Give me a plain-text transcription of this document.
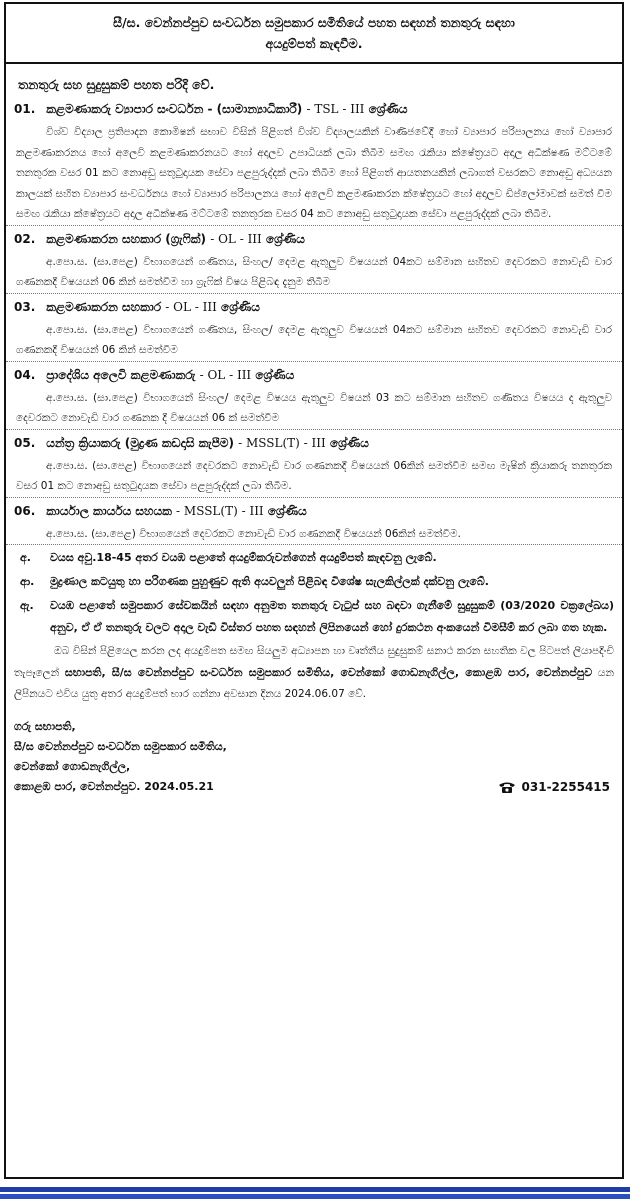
සී/ස. වෙන්නප්පුව සංවර්ධන සමුපකාර සමිතියේ පහත සඳහන් තනතුරු සඳහා
අයදුම්පත් කැඳවීම.
තනතුරු සහ සුදුසුකම් පහත පරිදි වේ.
01. කළමණාකරු ව්‍යාපාර සංවර්ධන - (සාමාන්‍යාධිකාරී) - TSL - III ශ්‍රේණිය
විශ්ව විද්‍යාල ප්‍රතිපාදන කොමිෂන් සභාව විසින් පිළිගත් විශ්ව විද්‍යාලයකින් වාණිජවේදී හෝ ව්‍යාපාර පරිපාලනය හෝ ව්‍යාපාර කළමණාකරනය හෝ අලෙවි කළමණාකරනයට හෝ අදාලව උපාධියක් ලබා තිබීම සමඟ රැකියා ක්ෂේත්‍රයට අදාල අධීක්ෂණ මට්ටමේ තනතුරක වසර 01 කට නොඅඩු සතුටුදායක සේවා පළපුරුද්දක් ලබා තිබීම හෝ පිළිගත් ආයතනයකින් ලබාගත් වසරකට නොඅඩු අධ්‍යයන කාලයක් සහිත ව්‍යාපාර සංවර්ධනය හෝ ව්‍යාපාර පරිපාලනය හෝ අලෙවි කළමණාකරන ක්ෂේත්‍රයට හෝ අදාලව ඩිප්ලෝමාවක් සමත් වීම සමඟ රැකියා ක්ෂේත්‍රයට අදාල අධීක්ෂණ මට්ටමේ තනතුරක වසර 04 කට නොඅඩු සතුටුදායක සේවා පළපුරුද්දක් ලබා තිබීම.
02. කළමණාකරන සහකාර (ග්‍රැෆික්) - OL - III ශ්‍රේණිය
අ.පො.ස. (සා.පෙළ) විභාගයෙන් ගණිතය, සිංහල/ දෙමළ ඇතුලුව විෂයයන් 04කට සම්මාන සහිතව දෙවරකට නොවැඩි වාර ගණනකදී විෂයයන් 06 කින් සමත්වීම හා ග්‍රැෆික් විෂය පිළිබඳ දැනුම තිබීම
03. කළමණාකරන සහකාර - OL - III ශ්‍රේණිය
අ.පො.ස. (සා.පෙළ) විභාගයෙන් ගණිතය, සිංහල/ දෙමළ ඇතුලුව විෂයයන් 04කට සම්මාන සහිතව දෙවරකට නොවැඩි වාර ගණනකදී විෂයයන් 06 කින් සමත්වීම
04. ප්‍රාදේශිය අලෙවි කළමණාකරු - OL - III ශ්‍රේණිය
අ.පො.ස. (සා.පෙළ) විභාගයෙන් සිංහල/ දෙමළ විෂයය ඇතුලුව විෂයන් 03 කට සම්මාන සහිතව ගණිතය විෂයය ද ඇතුලුව දෙවරකට නොවැඩි වාර ගණනක දී විෂයයන් 06 ක් සමත්වීම
05. යන්ත්‍ර ක්‍රියාකරු (මුද්‍රණ කඩදාසි කැපීම) - MSSL(T) - III ශ්‍රේණිය
අ.පො.ස. (සා.පෙළ) විභාගයෙන් දෙවරකට නොවැඩි වාර ගණනකදී විෂයයන් 06කින් සමත්වීම සමඟ මැෂින් ක්‍රියාකරු තනතුරක වසර 01 කට නොඅඩු සතුටුදායක සේවා පළපුරුද්දක් ලබා තිබීම.
06. කාර්යාල කාර්යය සහයක - MSSL(T) - III ශ්‍රේණිය
අ.පො.ස. (සා.පෙළ) විභාගයෙන් දෙවරකට නොවැඩි වාර ගණනකදී විෂයයන් 06කින් සමත්වීම.
අ.	වයස අවු.18-45 අතර වයඹ පළාතේ අයදුම්කරුවන්ගෙන් අයදුම්පත් කැඳවනු ලැබේ.
ආ.	මුද්‍රණාල කටයුතු හා පරිගණක පුහුණුව ඇති අයවලුන් පිළිබඳ විශේෂ සැලකිල්ලක් දක්වනු ලැබේ.
ඇ.	වයඹ පළාතේ සමුපකාර සේවකයින් සඳහා අනුමත තනතුරු වැටුප් සහ බඳවා ගැනීමේ සුදුසුකම් (03/2020 චක්‍රලේඛය) අනුව, ඒ ඒ තනතුරු වලට අදාල වැඩි විස්තර පහත සඳහන් ලිපිනයෙන් හෝ දුරකථන අංකයෙන් විමසීම් කර ලබා ගත හැක.
ඔබ විසින් පිළියෙල කරන ලද අයදුම්පත සමඟ සියලුම අධ්‍යාපන හා වෘත්තීය සුදුසුකම් සනාථ කරන සහතික වල පිටපත් ලියාපදිංචි තැපෑලෙන් සභාපති, සී/ස වෙන්නප්පුව සංවර්ධන සමුපකාර සමිතිය, වෙන්කෝ ගොඩනැගිල්ල, කොළඹ පාර, වෙන්නප්පුව යන ලිපිනයට එවිය යුතු අතර අයදුම්පත් භාර ගන්නා අවසාන දිනය 2024.06.07 වේ.
ගරු සභාපති,
සී/ස වෙන්නප්පුව සංවර්ධන සමුපකාර සමිතිය,
වෙන්කෝ ගොඩනැගිල්ල,
කොළඹ පාර, වෙන්නප්පුව. 2024.05.21	031-2255415
